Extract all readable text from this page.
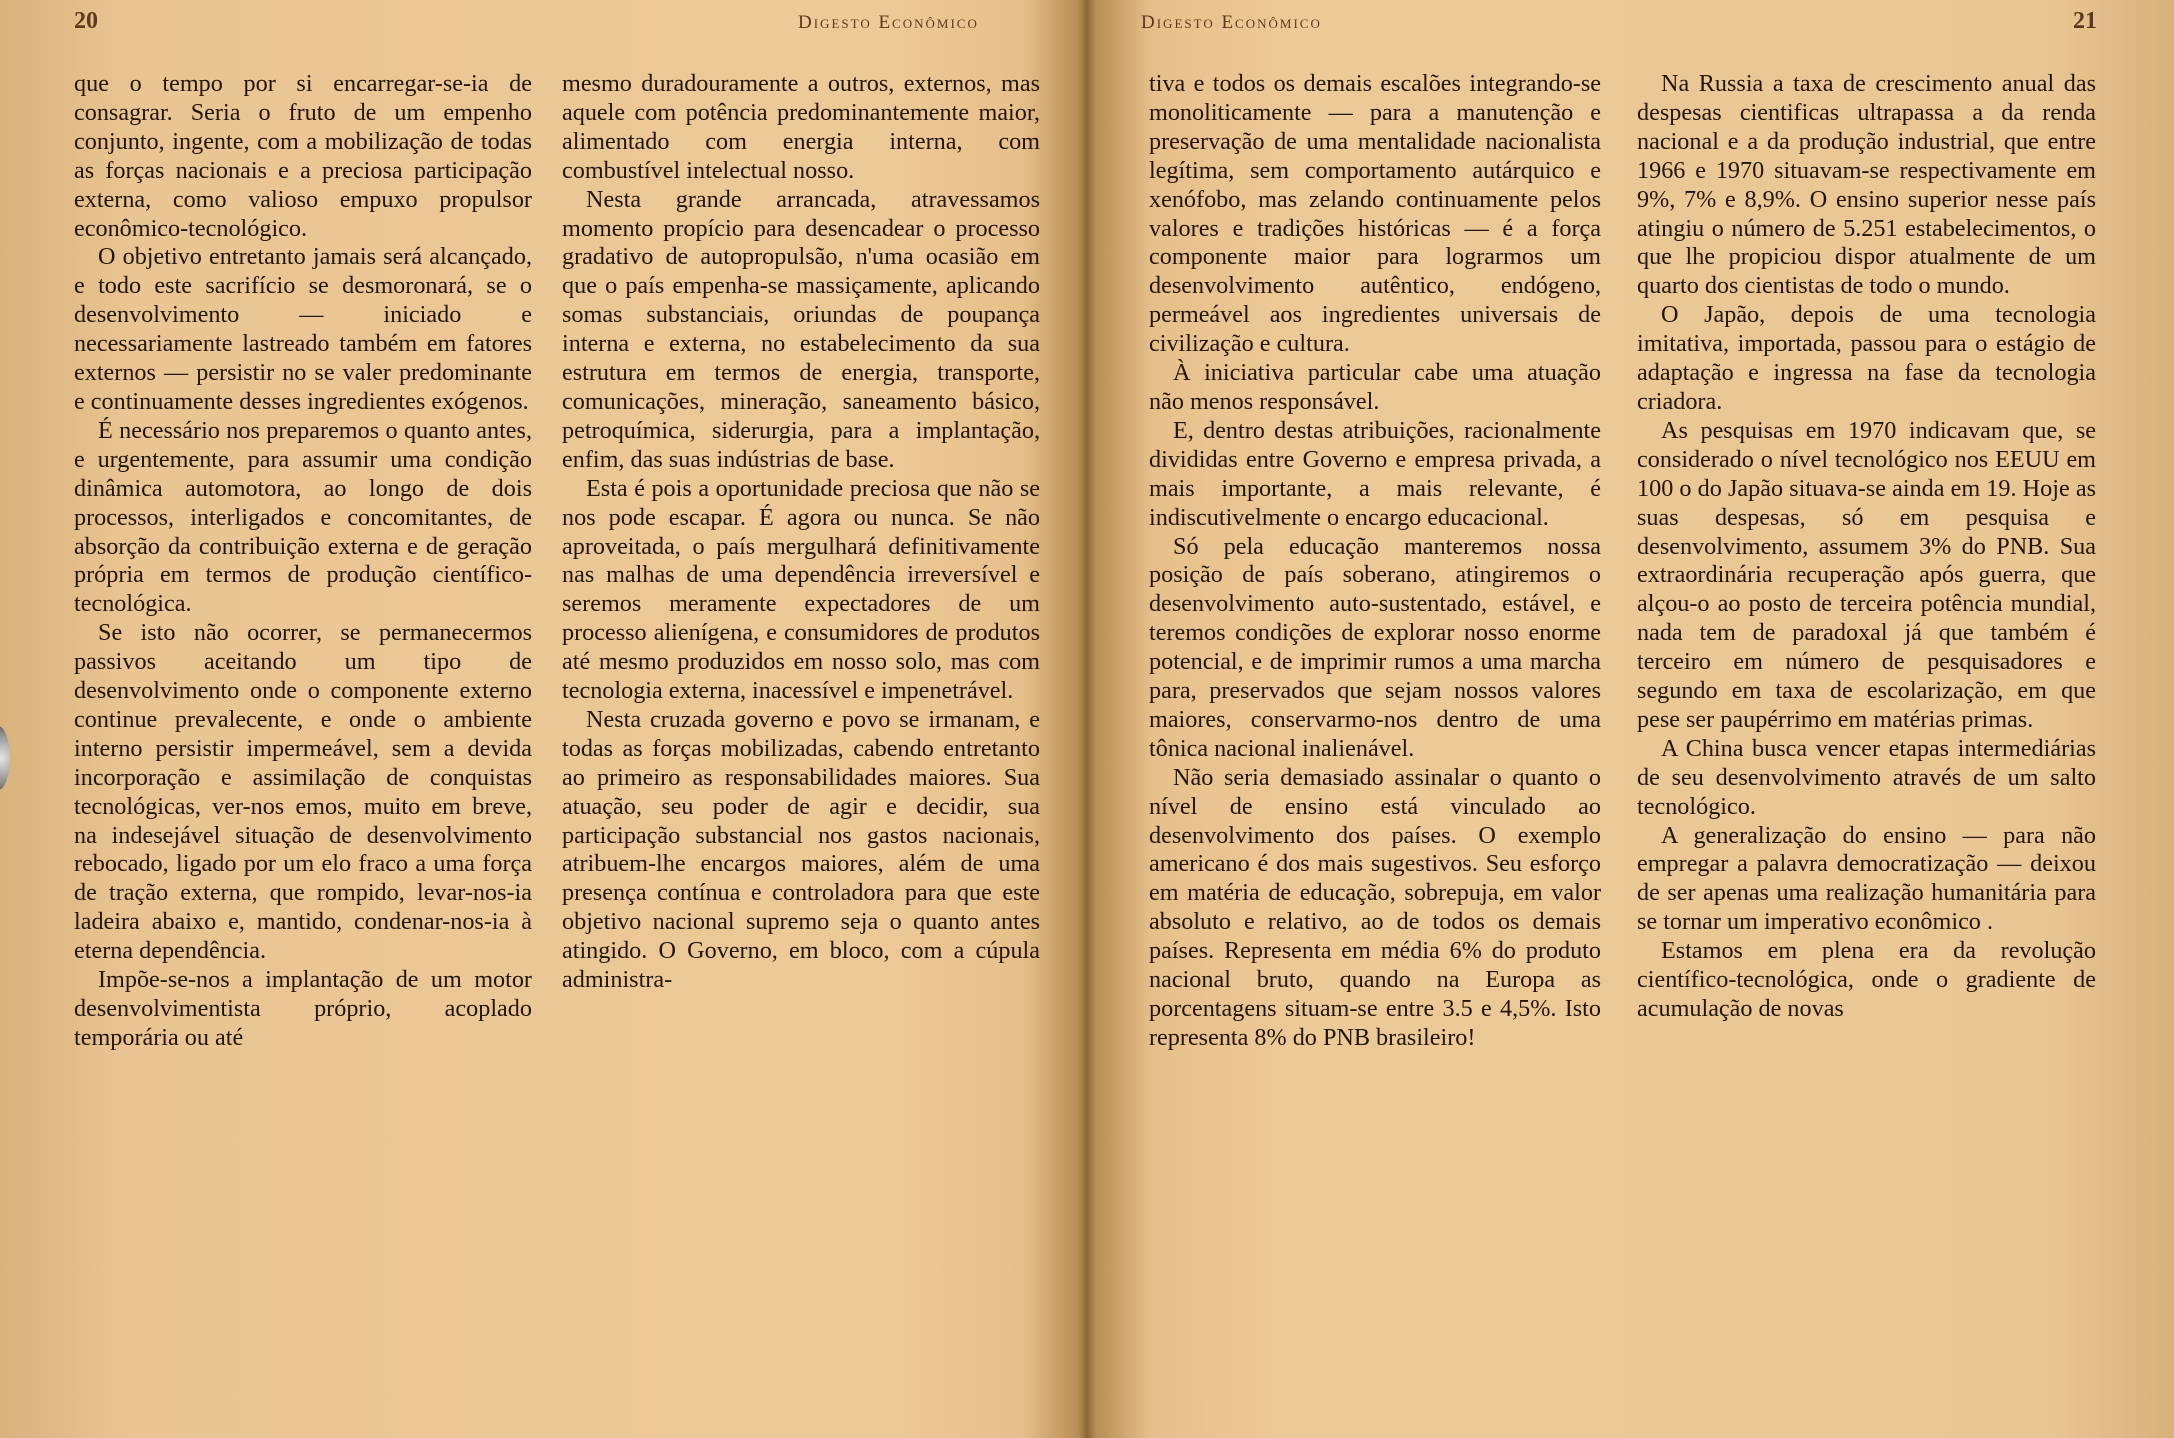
20	Digesto Econômico

que o tempo por si encarregar-se-ia de consagrar. Seria o fruto de um empenho conjunto, ingente, com a mobilização de todas as forças nacionais e a preciosa participação externa, como valioso empuxo propulsor econômico-tecnológico.

O objetivo entretanto jamais será alcançado, e todo este sacrifício se desmoronará, se o desenvolvimento — iniciado e necessariamente lastreado também em fatores externos — persistir no se valer predominante e continuamente desses ingredientes exógenos.

É necessário nos preparemos o quanto antes, e urgentemente, para assumir uma condição dinâmica automotora, ao longo de dois processos, interligados e concomitantes, de absorção da contribuição externa e de geração própria em termos de produção científico-tecnológica.

Se isto não ocorrer, se permanecermos passivos aceitando um tipo de desenvolvimento onde o componente externo continue prevalecente, e onde o ambiente interno persistir impermeável, sem a devida incorporação e assimilação de conquistas tecnológicas, ver-nos emos, muito em breve, na indesejável situação de desenvolvimento rebocado, ligado por um elo fraco a uma força de tração externa, que rompido, levar-nos-ia ladeira abaixo e, mantido, condenar-nos-ia à eterna dependência.

Impõe-se-nos a implantação de um motor desenvolvimentista próprio, acoplado temporária ou até

mesmo duradouramente a outros, externos, mas aquele com potência predominantemente maior, alimentado com energia interna, com combustível intelectual nosso.

Nesta grande arrancada, atravessamos momento propício para desencadear o processo gradativo de autopropulsão, n'uma ocasião em que o país empenha-se massiçamente, aplicando somas substanciais, oriundas de poupança interna e externa, no estabelecimento da sua estrutura em termos de energia, transporte, comunicações, mineração, saneamento básico, petroquímica, siderurgia, para a implantação, enfim, das suas indústrias de base.

Esta é pois a oportunidade preciosa que não se nos pode escapar. É agora ou nunca. Se não aproveitada, o país mergulhará definitivamente nas malhas de uma dependência irreversível e seremos meramente expectadores de um processo alienígena, e consumidores de produtos até mesmo produzidos em nosso solo, mas com tecnologia externa, inacessível e impenetrável.

Nesta cruzada governo e povo se irmanam, e todas as forças mobilizadas, cabendo entretanto ao primeiro as responsabilidades maiores. Sua atuação, seu poder de agir e decidir, sua participação substancial nos gastos nacionais, atribuem-lhe encargos maiores, além de uma presença contínua e controladora para que este objetivo nacional supremo seja o quanto antes atingido. O Governo, em bloco, com a cúpula administra-

Digesto Econômico	21

tiva e todos os demais escalões integrando-se monoliticamente — para a manutenção e preservação de uma mentalidade nacionalista legítima, sem comportamento autárquico e xenófobo, mas zelando continuamente pelos valores e tradições históricas — é a força componente maior para lograrmos um desenvolvimento autêntico, endógeno, permeável aos ingredientes universais de civilização e cultura.

À iniciativa particular cabe uma atuação não menos responsável.

E, dentro destas atribuições, racionalmente divididas entre Governo e empresa privada, a mais importante, a mais relevante, é indiscutivelmente o encargo educacional.

Só pela educação manteremos nossa posição de país soberano, atingiremos o desenvolvimento auto-sustentado, estável, e teremos condições de explorar nosso enorme potencial, e de imprimir rumos a uma marcha para, preservados que sejam nossos valores maiores, conservarmo-nos dentro de uma tônica nacional inalienável.

Não seria demasiado assinalar o quanto o nível de ensino está vinculado ao desenvolvimento dos países. O exemplo americano é dos mais sugestivos. Seu esforço em matéria de educação, sobrepuja, em valor absoluto e relativo, ao de todos os demais países. Representa em média 6% do produto nacional bruto, quando na Europa as porcentagens situam-se entre 3.5 e 4,5%. Isto representa 8% do PNB brasileiro!

Na Russia a taxa de crescimento anual das despesas cientificas ultrapassa a da renda nacional e a da produção industrial, que entre 1966 e 1970 situavam-se respectivamente em 9%, 7% e 8,9%. O ensino superior nesse país atingiu o número de 5.251 estabelecimentos, o que lhe propiciou dispor atualmente de um quarto dos cientistas de todo o mundo.

O Japão, depois de uma tecnologia imitativa, importada, passou para o estágio de adaptação e ingressa na fase da tecnologia criadora.

As pesquisas em 1970 indicavam que, se considerado o nível tecnológico nos EEUU em 100 o do Japão situava-se ainda em 19. Hoje as suas despesas, só em pesquisa e desenvolvimento, assumem 3% do PNB. Sua extraordinária recuperação após guerra, que alçou-o ao posto de terceira potência mundial, nada tem de paradoxal já que também é terceiro em número de pesquisadores e segundo em taxa de escolarização, em que pese ser paupérrimo em matérias primas.

A China busca vencer etapas intermediárias de seu desenvolvimento através de um salto tecnológico.

A generalização do ensino — para não empregar a palavra democratização — deixou de ser apenas uma realização humanitária para se tornar um imperativo econômico .

Estamos em plena era da revolução científico-tecnológica, onde o gradiente de acumulação de novas
